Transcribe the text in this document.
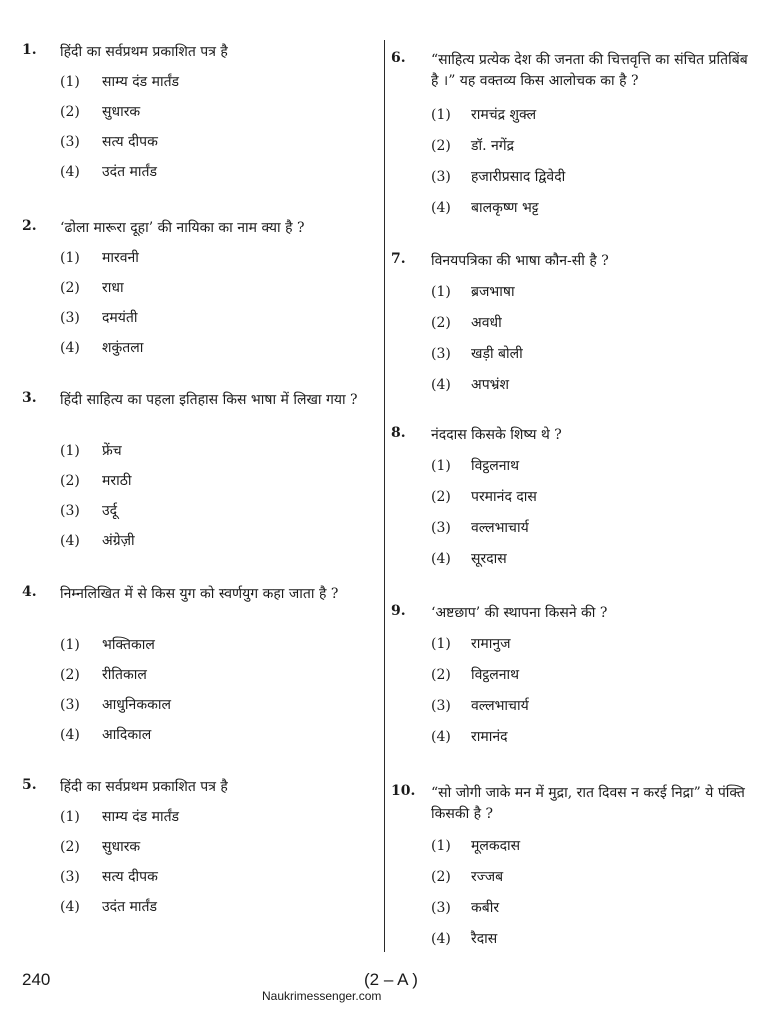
1. हिंदी का सर्वप्रथम प्रकाशित पत्र है
(1) साम्य दंड मार्तंड
(2) सुधारक
(3) सत्य दीपक
(4) उदंत मार्तंड
2. ‘ढोला मारूरा दूहा’ की नायिका का नाम क्या है ?
(1) मारवनी
(2) राधा
(3) दमयंती
(4) शकुंतला
3. हिंदी साहित्य का पहला इतिहास किस भाषा में लिखा गया ?
(1) फ्रेंच
(2) मराठी
(3) उर्दू
(4) अंग्रेज़ी
4. निम्नलिखित में से किस युग को स्वर्णयुग कहा जाता है ?
(1) भक्तिकाल
(2) रीतिकाल
(3) आधुनिककाल
(4) आदिकाल
5. हिंदी का सर्वप्रथम प्रकाशित पत्र है
(1) साम्य दंड मार्तंड
(2) सुधारक
(3) सत्य दीपक
(4) उदंत मार्तंड
6. “साहित्य प्रत्येक देश की जनता की चित्तवृत्ति का संचित प्रतिबिंब है ।” यह वक्तव्य किस आलोचक का है ?
(1) रामचंद्र शुक्ल
(2) डॉ. नगेंद्र
(3) हजारीप्रसाद द्विवेदी
(4) बालकृष्ण भट्ट
7. विनयपत्रिका की भाषा कौन-सी है ?
(1) ब्रजभाषा
(2) अवधी
(3) खड़ी बोली
(4) अपभ्रंश
8. नंददास किसके शिष्य थे ?
(1) विट्ठलनाथ
(2) परमानंद दास
(3) वल्लभाचार्य
(4) सूरदास
9. ‘अष्टछाप’ की स्थापना किसने की ?
(1) रामानुज
(2) विट्ठलनाथ
(3) वल्लभाचार्य
(4) रामानंद
10. “सो जोगी जाके मन में मुद्रा, रात दिवस न करई निद्रा” ये पंक्ति किसकी है ?
(1) मूलकदास
(2) रज्जब
(3) कबीर
(4) रैदास
240	(2 – A )
Naukrimessenger.com
